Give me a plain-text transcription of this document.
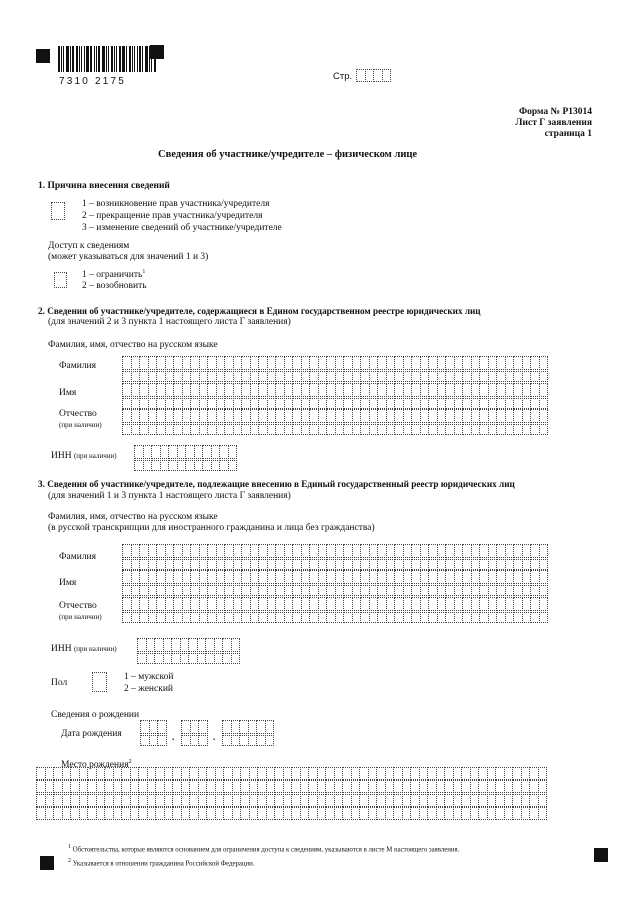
7310 2175	Стр.
Форма № Р13014
Лист Г заявления
страница 1
Сведения об участнике/учредителе – физическом лице
1. Причина внесения сведений
1 – возникновение прав участника/учредителя
2 – прекращение прав участника/учредителя
3 – изменение сведений об участнике/учредителе
Доступ к сведениям
(может указываться для значений 1 и 3)
1 – ограничить$^1$
2 – возобновить
2. Сведения об участнике/учредителе, содержащиеся в Едином государственном реестре юридических лиц
(для значений 2 и 3 пункта 1 настоящего листа Г заявления)
Фамилия, имя, отчество на русском языке
Фамилия
Имя
Отчество
(при наличии)
ИНН (при наличии)
3. Сведения об участнике/учредителе, подлежащие внесению в Единый государственный реестр юридических лиц
(для значений 1 и 3 пункта 1 настоящего листа Г заявления)
Фамилия, имя, отчество на русском языке
(в русской транскрипции для иностранного гражданина и лица без гражданства)
Фамилия
Имя
Отчество
(при наличии)
ИНН (при наличии)
Пол
1 – мужской
2 – женский
Сведения о рождении
Дата рождения	.	.
Место рождения$^2$
1 Обстоятельства, которые являются основанием для ограничения доступа к сведениям, указываются в листе М настоящего заявления.
2 Указывается в отношении гражданина Российской Федерации.
